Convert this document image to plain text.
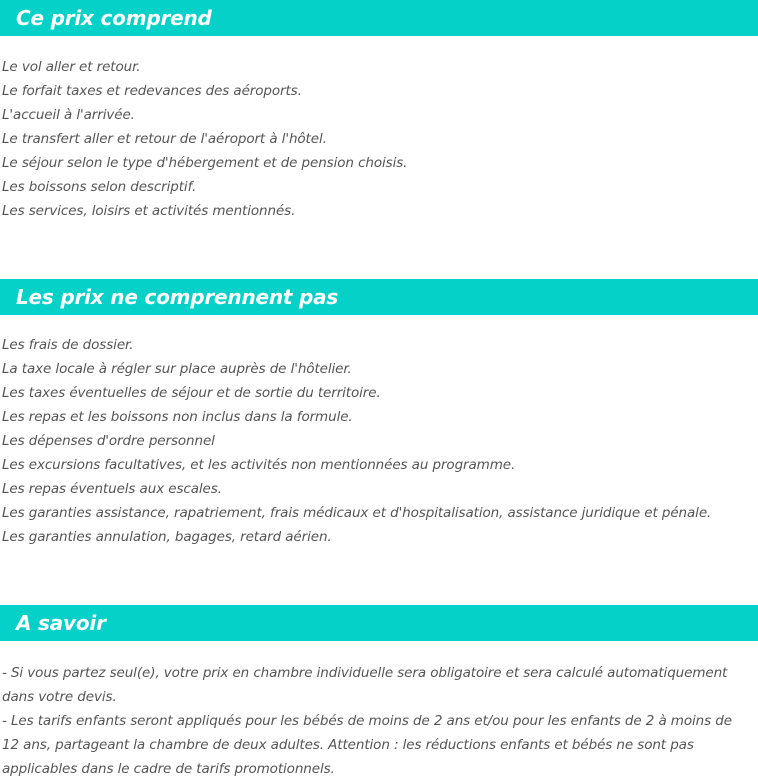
Ce prix comprend
Le vol aller et retour.
Le forfait taxes et redevances des aéroports.
L'accueil à l'arrivée.
Le transfert aller et retour de l'aéroport à l'hôtel.
Le séjour selon le type d'hébergement et de pension choisis.
Les boissons selon descriptif.
Les services, loisirs et activités mentionnés.
Les prix ne comprennent pas
Les frais de dossier.
La taxe locale à régler sur place auprès de l'hôtelier.
Les taxes éventuelles de séjour et de sortie du territoire.
Les repas et les boissons non inclus dans la formule.
Les dépenses d'ordre personnel
Les excursions facultatives, et les activités non mentionnées au programme.
Les repas éventuels aux escales.
Les garanties assistance, rapatriement, frais médicaux et d'hospitalisation, assistance juridique et pénale.
Les garanties annulation, bagages, retard aérien.
A savoir

- Si vous partez seul(e), votre prix en chambre individuelle sera obligatoire et sera calculé automatiquement dans votre devis.

- Les tarifs enfants seront appliqués pour les bébés de moins de 2 ans et/ou pour les enfants de 2 à moins de 12 ans, partageant la chambre de deux adultes. Attention : les réductions enfants et bébés ne sont pas applicables dans le cadre de tarifs promotionnels.
